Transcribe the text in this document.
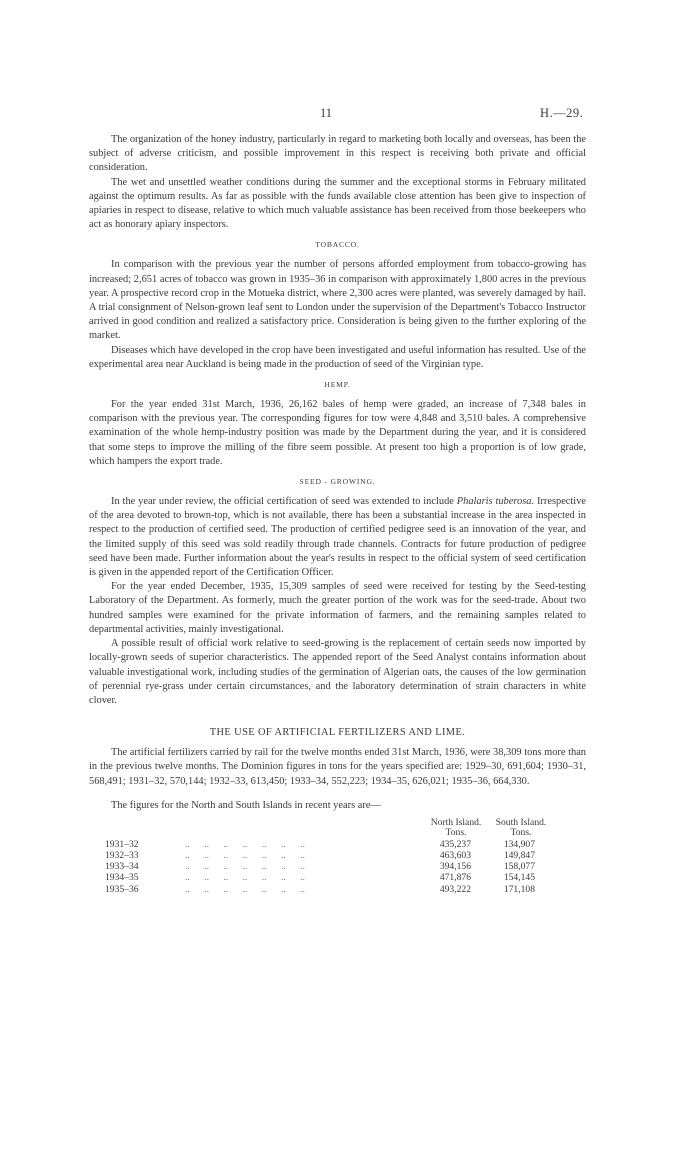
11	H.—29.

The organization of the honey industry, particularly in regard to marketing both locally and overseas, has been the subject of adverse criticism, and possible improvement in this respect is receiving both private and official consideration.

The wet and unsettled weather conditions during the summer and the exceptional storms in February militated against the optimum results. As far as possible with the funds available close attention has been give to inspection of apiaries in respect to disease, relative to which much valuable assistance has been received from those beekeepers who act as honorary apiary inspectors.

TOBACCO.

In comparison with the previous year the number of persons afforded employment from tobacco-growing has increased; 2,651 acres of tobacco was grown in 1935–36 in comparison with approximately 1,800 acres in the previous year. A prospective record crop in the Motueka district, where 2,300 acres were planted, was severely damaged by hail. A trial consignment of Nelson-grown leaf sent to London under the supervision of the Department's Tobacco Instructor arrived in good condition and realized a satisfactory price. Consideration is being given to the further exploring of the market.

Diseases which have developed in the crop have been investigated and useful information has resulted. Use of the experimental area near Auckland is being made in the production of seed of the Virginian type.

HEMP.

For the year ended 31st March, 1936, 26,162 bales of hemp were graded, an increase of 7,348 bales in comparison with the previous year. The corresponding figures for tow were 4,848 and 3,510 bales. A comprehensive examination of the whole hemp-industry position was made by the Department during the year, and it is considered that some steps to improve the milling of the fibre seem possible. At present too high a proportion is of low grade, which hampers the export trade.

SEED - GROWING.

In the year under review, the official certification of seed was extended to include Phalaris tuberosa. Irrespective of the area devoted to brown-top, which is not available, there has been a substantial increase in the area inspected in respect to the production of certified seed. The production of certified pedigree seed is an innovation of the year, and the limited supply of this seed was sold readily through trade channels. Contracts for future production of pedigree seed have been made. Further information about the year's results in respect to the official system of seed certification is given in the appended report of the Certification Officer.

For the year ended December, 1935, 15,309 samples of seed were received for testing by the Seed-testing Laboratory of the Department. As formerly, much the greater portion of the work was for the seed-trade. About two hundred samples were examined for the private information of farmers, and the remaining samples related to departmental activities, mainly investigational.

A possible result of official work relative to seed-growing is the replacement of certain seeds now imported by locally-grown seeds of superior characteristics. The appended report of the Seed Analyst contains information about valuable investigational work, including studies of the germination of Algerian oats, the causes of the low germination of perennial rye-grass under certain circumstances, and the laboratory determination of strain characters in white clover.

THE USE OF ARTIFICIAL FERTILIZERS AND LIME.

The artificial fertilizers carried by rail for the twelve months ended 31st March, 1936, were 38,309 tons more than in the previous twelve months. The Dominion figures in tons for the years specified are: 1929–30, 691,604; 1930–31, 568,491; 1931–32, 570,144; 1932–33, 613,450; 1933–34, 552,223; 1934–35, 626,021; 1935–36, 664,330.

The figures for the North and South Islands in recent years are—

North Island.	South Island.
Tons.	Tons.
1931–32	..      ..      ..      ..      ..      ..      ..	435,237	134,907
1932–33	..      ..      ..      ..      ..      ..      ..	463,603	149,847
1933–34	..      ..      ..      ..      ..      ..      ..	394,156	158,077
1934–35	..      ..      ..      ..      ..      ..      ..	471,876	154,145
1935–36	..      ..      ..      ..      ..      ..      ..	493,222	171,108
